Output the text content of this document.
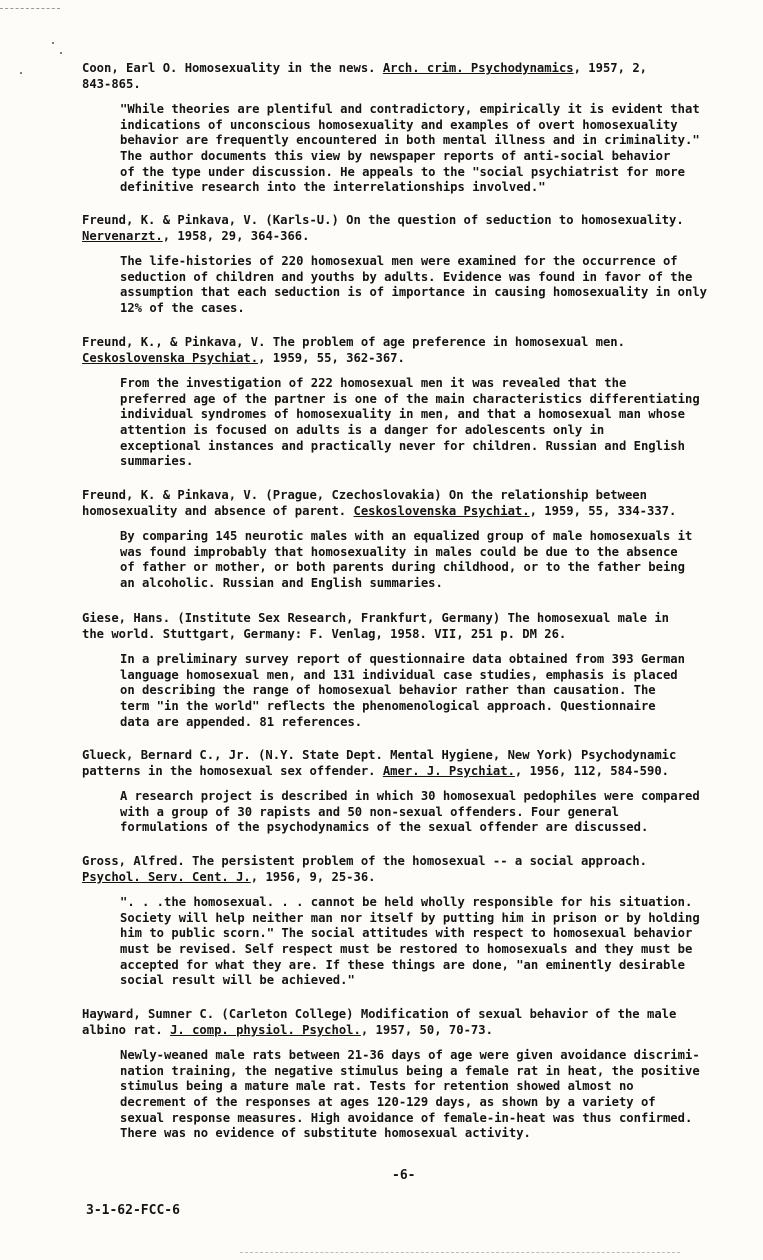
Coon, Earl O. Homosexuality in the news. Arch. crim. Psychodynamics, 1957, 2,
843-865.

"While theories are plentiful and contradictory, empirically it is evident that
indications of unconscious homosexuality and examples of overt homosexuality
behavior are frequently encountered in both mental illness and in criminality."
The author documents this view by newspaper reports of anti-social behavior
of the type under discussion. He appeals to the "social psychiatrist for more
definitive research into the interrelationships involved."

Freund, K. & Pinkava, V. (Karls-U.) On the question of seduction to homosexuality.
Nervenarzt., 1958, 29, 364-366.

The life-histories of 220 homosexual men were examined for the occurrence of
seduction of children and youths by adults. Evidence was found in favor of the
assumption that each seduction is of importance in causing homosexuality in only
12% of the cases.

Freund, K., & Pinkava, V. The problem of age preference in homosexual men.
Ceskoslovenska Psychiat., 1959, 55, 362-367.

From the investigation of 222 homosexual men it was revealed that the
preferred age of the partner is one of the main characteristics differentiating
individual syndromes of homosexuality in men, and that a homosexual man whose
attention is focused on adults is a danger for adolescents only in
exceptional instances and practically never for children. Russian and English
summaries.

Freund, K. & Pinkava, V. (Prague, Czechoslovakia) On the relationship between
homosexuality and absence of parent. Ceskoslovenska Psychiat., 1959, 55, 334-337.

By comparing 145 neurotic males with an equalized group of male homosexuals it
was found improbably that homosexuality in males could be due to the absence
of father or mother, or both parents during childhood, or to the father being
an alcoholic. Russian and English summaries.

Giese, Hans. (Institute Sex Research, Frankfurt, Germany) The homosexual male in
the world. Stuttgart, Germany: F. Venlag, 1958. VII, 251 p. DM 26.

In a preliminary survey report of questionnaire data obtained from 393 German
language homosexual men, and 131 individual case studies, emphasis is placed
on describing the range of homosexual behavior rather than causation. The
term "in the world" reflects the phenomenological approach. Questionnaire
data are appended. 81 references.

Glueck, Bernard C., Jr. (N.Y. State Dept. Mental Hygiene, New York) Psychodynamic
patterns in the homosexual sex offender. Amer. J. Psychiat., 1956, 112, 584-590.

A research project is described in which 30 homosexual pedophiles were compared
with a group of 30 rapists and 50 non-sexual offenders. Four general
formulations of the psychodynamics of the sexual offender are discussed.

Gross, Alfred. The persistent problem of the homosexual -- a social approach.
Psychol. Serv. Cent. J., 1956, 9, 25-36.

". . .the homosexual. . . cannot be held wholly responsible for his situation.
Society will help neither man nor itself by putting him in prison or by holding
him to public scorn." The social attitudes with respect to homosexual behavior
must be revised. Self respect must be restored to homosexuals and they must be
accepted for what they are. If these things are done, "an eminently desirable
social result will be achieved."

Hayward, Sumner C. (Carleton College) Modification of sexual behavior of the male
albino rat. J. comp. physiol. Psychol., 1957, 50, 70-73.

Newly-weaned male rats between 21-36 days of age were given avoidance discrimi-
nation training, the negative stimulus being a female rat in heat, the positive
stimulus being a mature male rat. Tests for retention showed almost no
decrement of the responses at ages 120-129 days, as shown by a variety of
sexual response measures. High avoidance of female-in-heat was thus confirmed.
There was no evidence of substitute homosexual activity.

-6-
3-1-62-FCC-6
